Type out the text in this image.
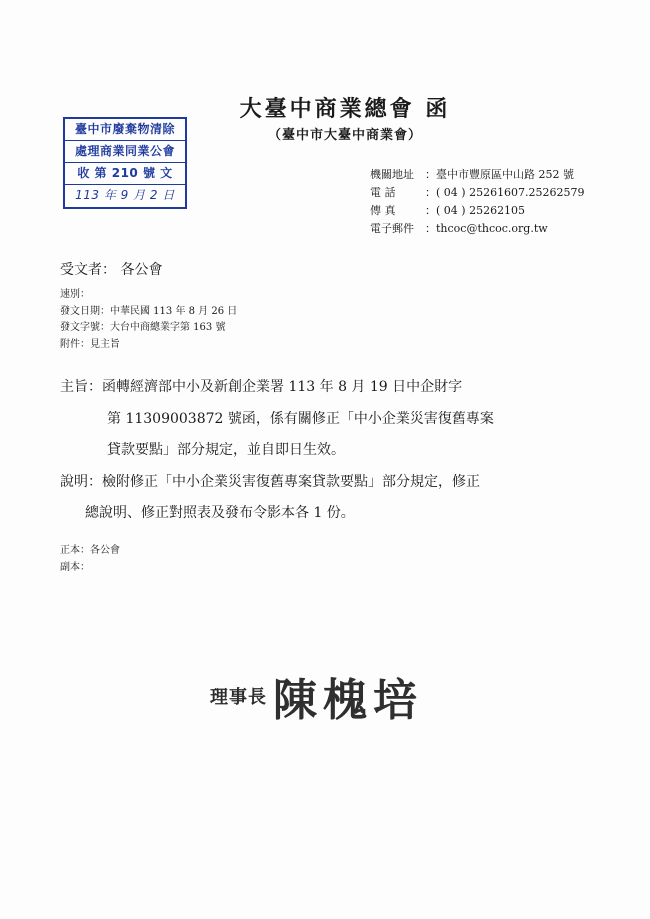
大臺中商業總會 函
（臺中市大臺中商業會）
臺中市廢棄物清除
處理商業同業公會
收 第 210 號 文
113 年 9 月 2 日
機關地址 ：臺中市豐原區中山路 252 號
電 話	：( 04 ) 25261607.25262579
傳 真	：( 04 ) 25262105
電子郵件 ：thcoc@thcoc.org.tw
受文者： 各公會
速別：
發文日期：中華民國 113 年 8 月 26 日
發文字號：大台中商總業字第 163 號
附件：見主旨
主旨：函轉經濟部中小及新創企業署 113 年 8 月 19 日中企財字
第 11309003872 號函，係有關修正「中小企業災害復舊專案
貸款要點」部分規定，並自即日生效。
說明：檢附修正「中小企業災害復舊專案貸款要點」部分規定，修正
總說明、修正對照表及發布令影本各 1 份。
正本：各公會
副本：
理事長 陳槐培
